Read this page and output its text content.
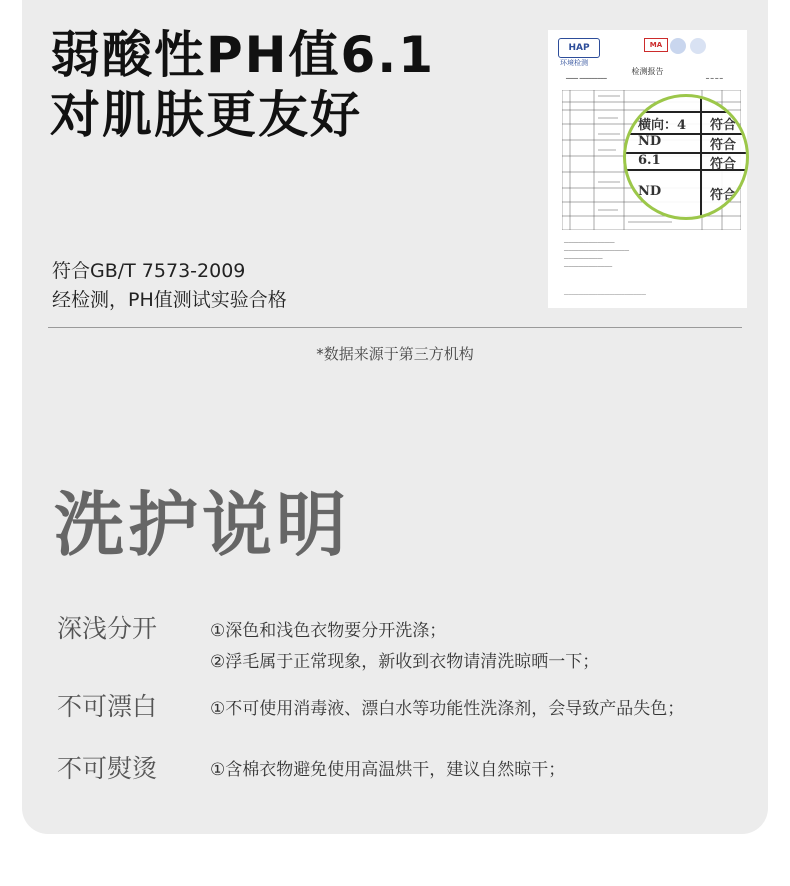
弱酸性PH值6.1
对肌肤更友好

符合GB/T 7573-2009

经检测，PH值测试实验合格

HAP
环境检测
MA
检测报告
━━━━ ━━━━━━━━━	━ ━ ━ ━
━━━━━━━━━━━━━━━━━━━━━
━━━━━━━━━━━━━━━━━━━━━━━━━━━
━━━━━━━━━━━━━━━━
━━━━━━━━━━━━━━━━━━━━
━━━━━━━━━━━━━━━━━━━━━━━━━━━━━━━━━━
横向：4 符合
ND	符合
6.1	符合
ND	符合
*数据来源于第三方机构
洗护说明
深浅分开	①深色和浅色衣物要分开洗涤；
②浮毛属于正常现象，新收到衣物请清洗晾晒一下；
不可漂白	①不可使用消毒液、漂白水等功能性洗涤剂，会导致产品失色；
不可熨烫	①含棉衣物避免使用高温烘干，建议自然晾干；
